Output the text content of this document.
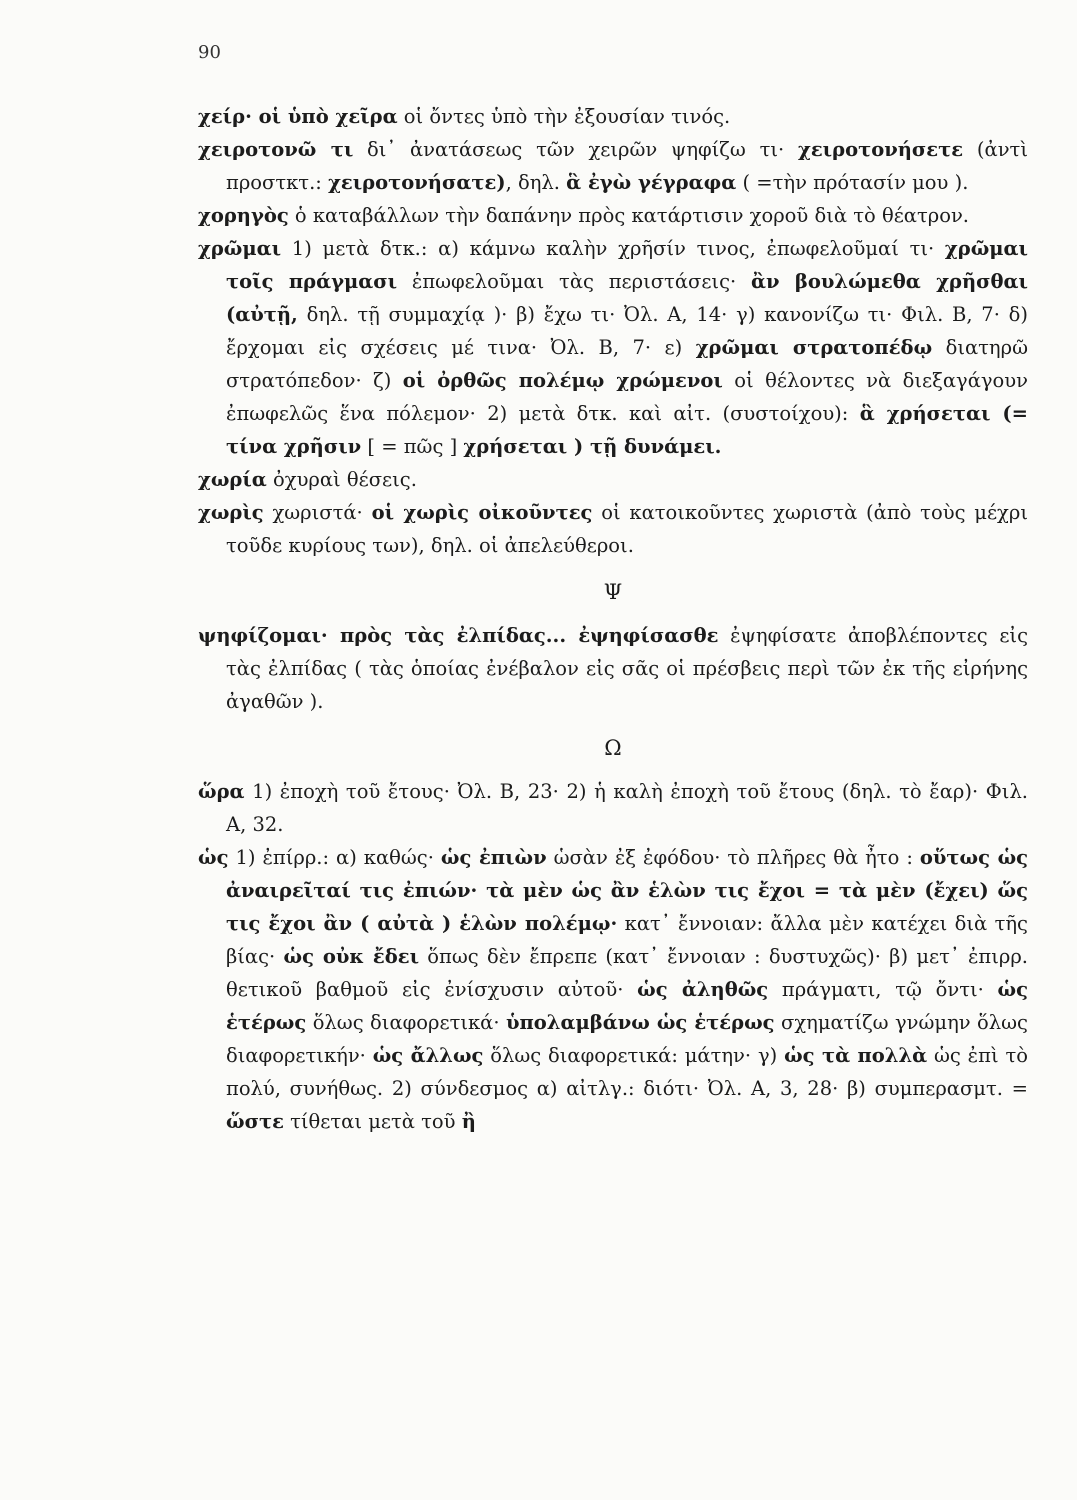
90

χείρ· οἱ ὑπὸ χεῖρα οἱ ὄντες ὑπὸ τὴν ἐξουσίαν τινός.

χειροτονῶ τι δι᾽ ἀνατάσεως τῶν χειρῶν ψηφίζω τι· χειροτονήσετε (ἀντὶ προστκτ.: χειροτονήσατε), δηλ. ἃ ἐγὼ γέγραφα ( =τὴν πρότασίν μου ).

χορηγὸς ὁ καταβάλλων τὴν δαπάνην πρὸς κατάρτισιν χοροῦ διὰ τὸ θέατρον.

χρῶμαι 1) μετὰ δτκ.: α) κάμνω καλὴν χρῆσίν τινος, ἐπωφελοῦμαί τι· χρῶμαι τοῖς πράγμασι ἐπωφελοῦμαι τὰς περιστάσεις· ἂν βουλώμεθα χρῆσθαι (αὐτῇ, δηλ. τῇ συμμαχίᾳ )· β) ἔχω τι· Ὀλ. Α, 14· γ) κανονίζω τι· Φιλ. Β, 7· δ) ἔρχομαι εἰς σχέσεις μέ τινα· Ὀλ. Β, 7· ε) χρῶμαι στρατοπέδῳ διατηρῶ στρατόπεδον· ζ) οἱ ὀρθῶς πολέμῳ χρώμενοι οἱ θέλοντες νὰ διεξαγάγουν ἐπωφελῶς ἕνα πόλεμον· 2) μετὰ δτκ. καὶ αἰτ. (συστοίχου): ἃ χρήσεται (= τίνα χρῆσιν [ = πῶς ] χρήσεται ) τῇ δυνάμει.

χωρία ὀχυραὶ θέσεις.

χωρὶς χωριστά· οἱ χωρὶς οἰκοῦντες οἱ κατοικοῦντες χωριστὰ (ἀπὸ τοὺς μέχρι τοῦδε κυρίους των), δηλ. οἱ ἀπελεύθεροι.

Ψ

ψηφίζομαι· πρὸς τὰς ἐλπίδας... ἐψηφίσασθε ἐψηφίσατε ἀποβλέποντες εἰς τὰς ἐλπίδας ( τὰς ὁποίας ἐνέβαλον εἰς σᾶς οἱ πρέσβεις περὶ τῶν ἐκ τῆς εἰρήνης ἀγαθῶν ).

Ω

ὥρα 1) ἐποχὴ τοῦ ἔτους· Ὀλ. Β, 23· 2) ἡ καλὴ ἐποχὴ τοῦ ἔτους (δηλ. τὸ ἔαρ)· Φιλ. Α, 32.

ὡς 1) ἐπίρρ.: α) καθώς· ὡς ἐπιὼν ὡσὰν ἐξ ἐφόδου· τὸ πλῆρες θὰ ἦτο : οὕτως ὡς ἀναιρεῖταί τις ἐπιών· τὰ μὲν ὡς ἂν ἑλὼν τις ἔχοι = τὰ μὲν (ἔχει) ὥς τις ἔχοι ἂν ( αὐτὰ ) ἑλὼν πολέμῳ· κατ᾽ ἔννοιαν: ἄλλα μὲν κατέχει διὰ τῆς βίας· ὡς οὐκ ἔδει ὅπως δὲν ἔπρεπε (κατ᾽ ἔννοιαν : δυστυχῶς)· β) μετ᾽ ἐπιρρ. θετικοῦ βαθμοῦ εἰς ἐνίσχυσιν αὐτοῦ· ὡς ἀληθῶς πράγματι, τῷ ὄντι· ὡς ἑτέρως ὅλως διαφορετικά· ὑπολαμβάνω ὡς ἑτέρως σχηματίζω γνώμην ὅλως διαφορετικήν· ὡς ἄλλως ὅλως διαφορετικά: μάτην· γ) ὡς τὰ πολλὰ ὡς ἐπὶ τὸ πολύ, συνήθως. 2) σύνδεσμος α) αἰτλγ.: διότι· Ὀλ. Α, 3, 28· β) συμπερασμτ. = ὥστε τίθεται μετὰ τοῦ ἢ
